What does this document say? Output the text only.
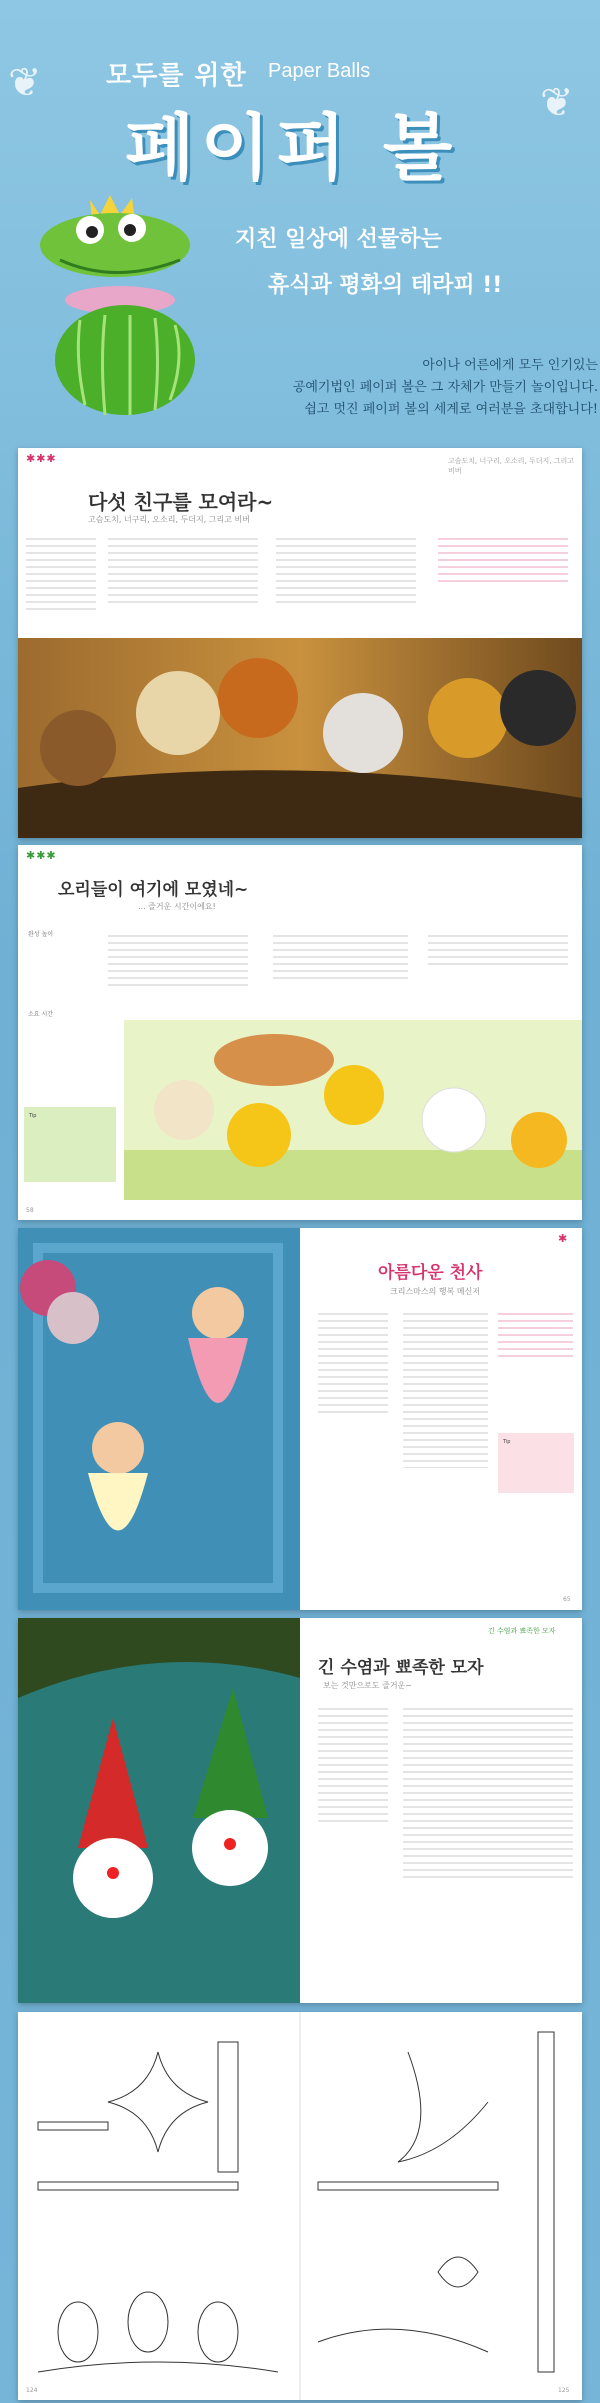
❦	❦
모두를 위한 Paper Balls
페이퍼 볼
지친 일상에 선물하는
휴식과 평화의 테라피 !!
아이나 어른에게 모두 인기있는
공예기법인 페이퍼 볼은 그 자체가 만들기 놀이입니다.
쉽고 멋진 페이퍼 볼의 세계로 여러분을 초대합니다!
✱✱✱	고슴도치, 너구리, 오소리, 두더지, 그리고 비버
다섯 친구를 모여라~
고슴도치, 너구리, 오소리, 두더지, 그리고 비버
✱✱✱
오리들이 여기에 모였네~
... 즐거운 시간이에요!
완성 높이
소요 시간
Tip
58
✱
아름다운 천사
크리스마스의 행복 메신저
Tip
65
긴 수염과 뾰족한 모자
긴 수염과 뾰족한 모자
보는 것만으로도 즐거운~
124	125
